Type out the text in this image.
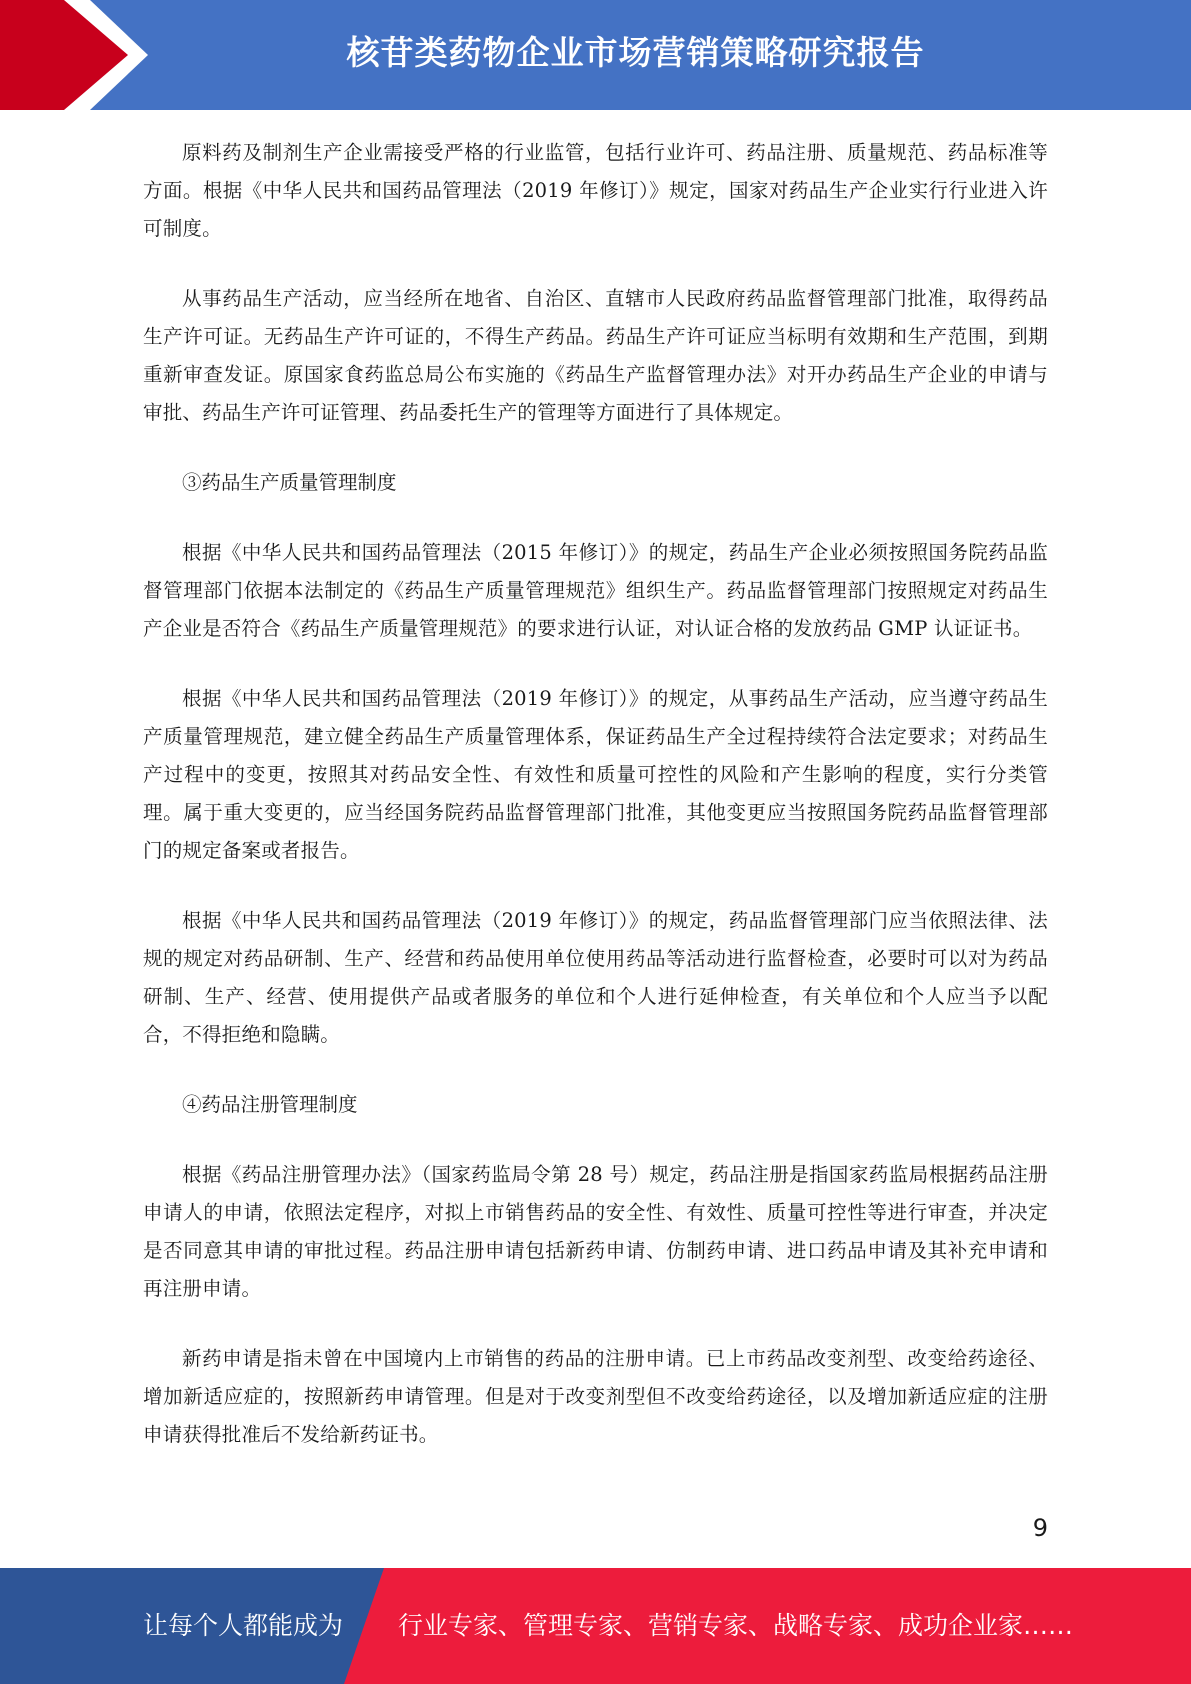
核苷类药物企业市场营销策略研究报告

原料药及制剂生产企业需接受严格的行业监管，包括行业许可、药品注册、质量规范、药品标准等方面。根据《中华人民共和国药品管理法（2019 年修订）》规定，国家对药品生产企业实行行业进入许可制度。

从事药品生产活动，应当经所在地省、自治区、直辖市人民政府药品监督管理部门批准，取得药品生产许可证。无药品生产许可证的，不得生产药品。药品生产许可证应当标明有效期和生产范围，到期重新审查发证。原国家食药监总局公布实施的《药品生产监督管理办法》对开办药品生产企业的申请与审批、药品生产许可证管理、药品委托生产的管理等方面进行了具体规定。

③药品生产质量管理制度

根据《中华人民共和国药品管理法（2015 年修订）》的规定，药品生产企业必须按照国务院药品监督管理部门依据本法制定的《药品生产质量管理规范》组织生产。药品监督管理部门按照规定对药品生产企业是否符合《药品生产质量管理规范》的要求进行认证，对认证合格的发放药品 GMP 认证证书。

根据《中华人民共和国药品管理法（2019 年修订）》的规定，从事药品生产活动，应当遵守药品生产质量管理规范，建立健全药品生产质量管理体系，保证药品生产全过程持续符合法定要求；对药品生产过程中的变更，按照其对药品安全性、有效性和质量可控性的风险和产生影响的程度，实行分类管理。属于重大变更的，应当经国务院药品监督管理部门批准，其他变更应当按照国务院药品监督管理部门的规定备案或者报告。

根据《中华人民共和国药品管理法（2019 年修订）》的规定，药品监督管理部门应当依照法律、法规的规定对药品研制、生产、经营和药品使用单位使用药品等活动进行监督检查，必要时可以对为药品研制、生产、经营、使用提供产品或者服务的单位和个人进行延伸检查，有关单位和个人应当予以配合，不得拒绝和隐瞒。

④药品注册管理制度

根据《药品注册管理办法》（国家药监局令第 28 号）规定，药品注册是指国家药监局根据药品注册申请人的申请，依照法定程序，对拟上市销售药品的安全性、有效性、质量可控性等进行审查，并决定是否同意其申请的审批过程。药品注册申请包括新药申请、仿制药申请、进口药品申请及其补充申请和再注册申请。

新药申请是指未曾在中国境内上市销售的药品的注册申请。已上市药品改变剂型、改变给药途径、增加新适应症的，按照新药申请管理。但是对于改变剂型但不改变给药途径，以及增加新适应症的注册申请获得批准后不发给新药证书。

9
让每个人都能成为 行业专家、管理专家、营销专家、战略专家、成功企业家……
